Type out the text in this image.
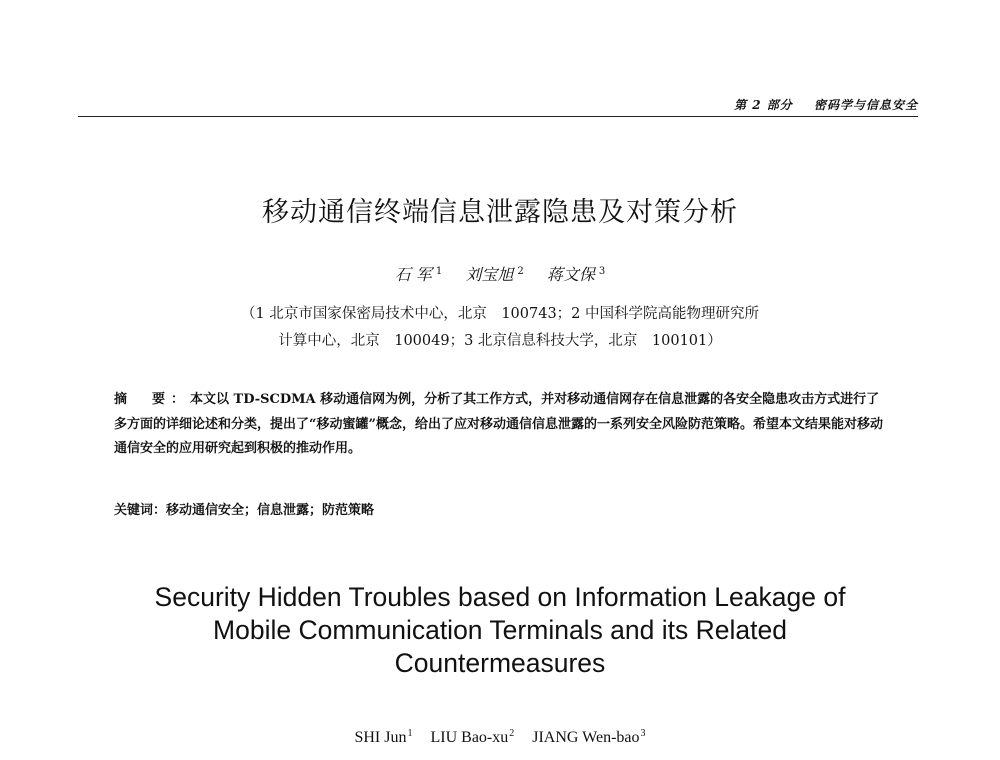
第 2 部分 密码学与信息安全
移动通信终端信息泄露隐患及对策分析
石 军 $^1$ 刘宝旭 $^2$ 蒋文保 $^3$

（1 北京市国家保密局技术中心，北京　100743；2 中国科学院高能物理研究所

计算中心，北京　100049；3 北京信息科技大学，北京　100101）

摘　要：本文以 TD-SCDMA 移动通信网为例，分析了其工作方式，并对移动通信网存在信息泄露的各安全隐患攻击方式进行了多方面的详细论述和分类，提出了“移动蜜罐”概念，给出了应对移动通信信息泄露的一系列安全风险防范策略。希望本文结果能对移动通信安全的应用研究起到积极的推动作用。
关键词：移动通信安全；信息泄露；防范策略
Security Hidden Troubles based on Information Leakage of
Mobile Communication Terminals and its Related
Countermeasures
SHI Jun$^1$ LIU Bao-$xu^2$ JIANG Wen-bao$^3$
